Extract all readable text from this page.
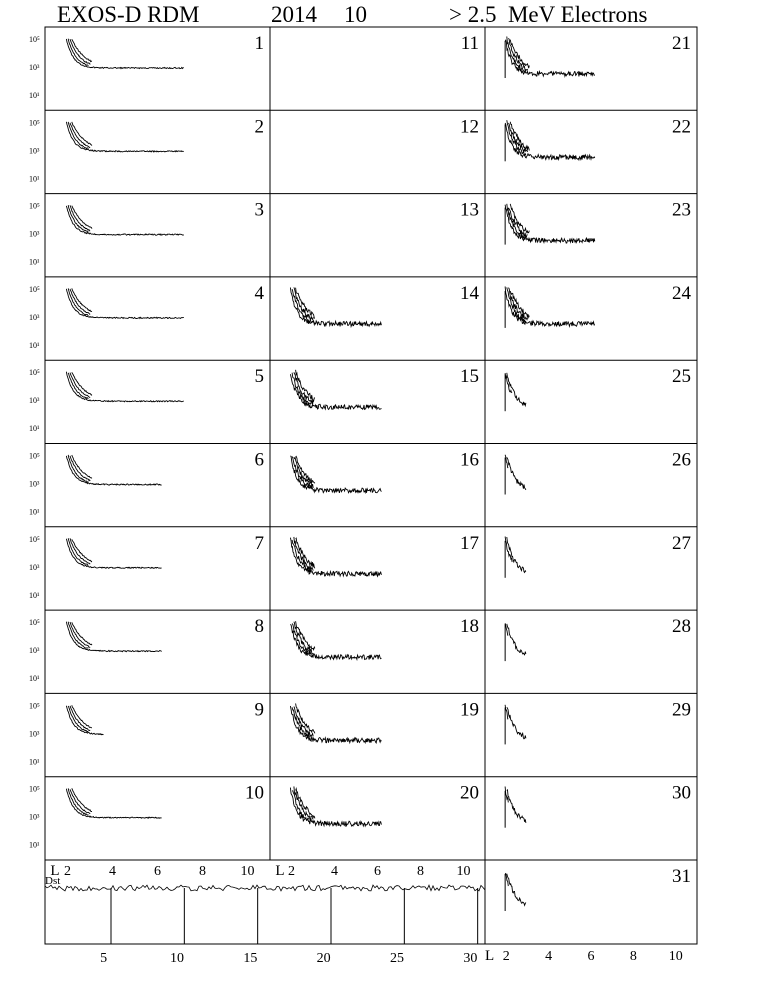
EXOS-D RDM	2014 10	> 2.5  MeV Electrons
1
10⁵
10³
10¹
2
10⁵
10³
10¹
3
10⁵
10³
10¹
4
10⁵
10³
10¹
5
10⁵
10³
10¹
6
10⁵
10³
10¹
7
10⁵
10³
10¹
8
10⁵
10³
10¹
9
10⁵
10³
10¹
10
10⁵
10³
10¹
11
12
13
14
15
16
17
18
19
20
21
22
23
24
25
26
27
28
29
30
31
L 2	4	6	8 10 L 2	4	6	8 10
L 2	4	6	8 10
Dst
5	10	15	20	25	30
